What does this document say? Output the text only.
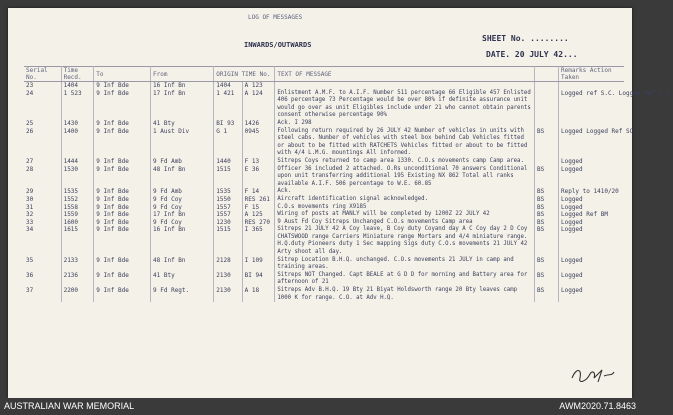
LOG OF MESSAGES
INWARDS/OUTWARDS
SHEET No. ........
DATE. 20 JULY 42...
Serial No.	Time Recd.	To	From	ORIGIN TIME No.		TEXT OF MESSAGE		Remarks Action Taken
23	1404	9 Inf Bde	16 Inf Bn	1404	A 123			
24	1 523	9 Inf Bde	17 Inf Bn	1 421	A 124	Enlistment A.M.F. to A.I.F. Number 511 percentage 66 Eligible 457 Enlisted 406 percentage 73 Percentage would be over 80% if definite assurance unit would go over as unit Eligibles include under 21 who cannot obtain parents consent otherwise percentage 90%		Logged ref S.C. Logged Ref S.C.
25	1430	9 Inf Bde	41 Bty	BI 93	1426	Ack. I 298		
26	1400	9 Inf Bde	1 Aust Div	G 1	0945	Following return required by 26 JULY 42 Number of vehicles in units with steel cabs. Number of vehicles with steel box behind Cab Vehicles fitted or about to be fitted with RATCHETS Vehicles fitted or about to be fitted with 4/4 L.M.G. mountings All informed.	BS	Logged Logged Ref SC
27	1444	9 Inf Bde	9 Fd Amb	1440	F 13	Sitreps Coys returned to camp area 1330. C.O.s movements camp Camp area.		Logged
28	1530	9 Inf Bde	48 Inf Bn	1515	E 36	Officer 36 included 2 attached. O.Rs unconditional 70 answers Conditional upon unit transferring additional 195 Existing NX 862 Total all ranks available A.I.F. 506 percentage to W.E. 60.85	BS	Logged
29	1535	9 Inf Bde	9 Fd Amb	1535	F 14	Ack.	BS	Reply to 1410/20
30	1552	9 Inf Bde	9 Fd Coy	1550	RES 261	Aircraft identification signal acknowledged.	BS	Logged
31	1558	9 Inf Bde	9 Fd Coy	1557	F 15	C.O.s movements ring X9185	BS	Logged
32	1559	9 Inf Bde	17 Inf Bn	1557	A 125	Wiring of posts at MANLY will be completed by 1200Z 22 JULY 42	BS	Logged Ref BM
33	1600	9 Inf Bde	9 Fd Coy	1230	RES 270	9 Aust Fd Coy Sitreps Unchanged C.O.s movements Camp area	BS	Logged
34	1615	9 Inf Bde	16 Inf Bn	1515	I 365	Sitreps 21 JULY 42 A Coy leave, B Coy duty Coyand day A C Coy day 2 D Coy CHATSWOOD range Carriers Miniature range Mortars and 4/4 miniature range. H.Q.duty Pioneers duty 1 Sec mapping Sigs duty C.O.s movements 21 JULY 42 Arty shoot all day.	BS	Logged
35	2133	9 Inf Bde	48 Inf Bn	2128	I 109	Sitrep Location B.H.Q. unchanged. C.O.s movements 21 JULY in camp and training areas.	BS	Logged
36	2136	9 Inf Bde	41 Bty	2130	BI 94	Sitreps NOT Changed. Capt BEALE at G D D for morning and Battery area for afternoon of 21	BS	Logged
37	2200	9 Inf Bde	9 Fd Regt.	2130	A 18	Sitreps Adv B.H.Q. 19 Bty 21 Biyat Holdsworth range 20 Bty leaves camp 1000 K for range. C.O. at Adv H.Q.	BS	Logged
AUSTRALIAN WAR MEMORIAL	AWM2020.71.8463
